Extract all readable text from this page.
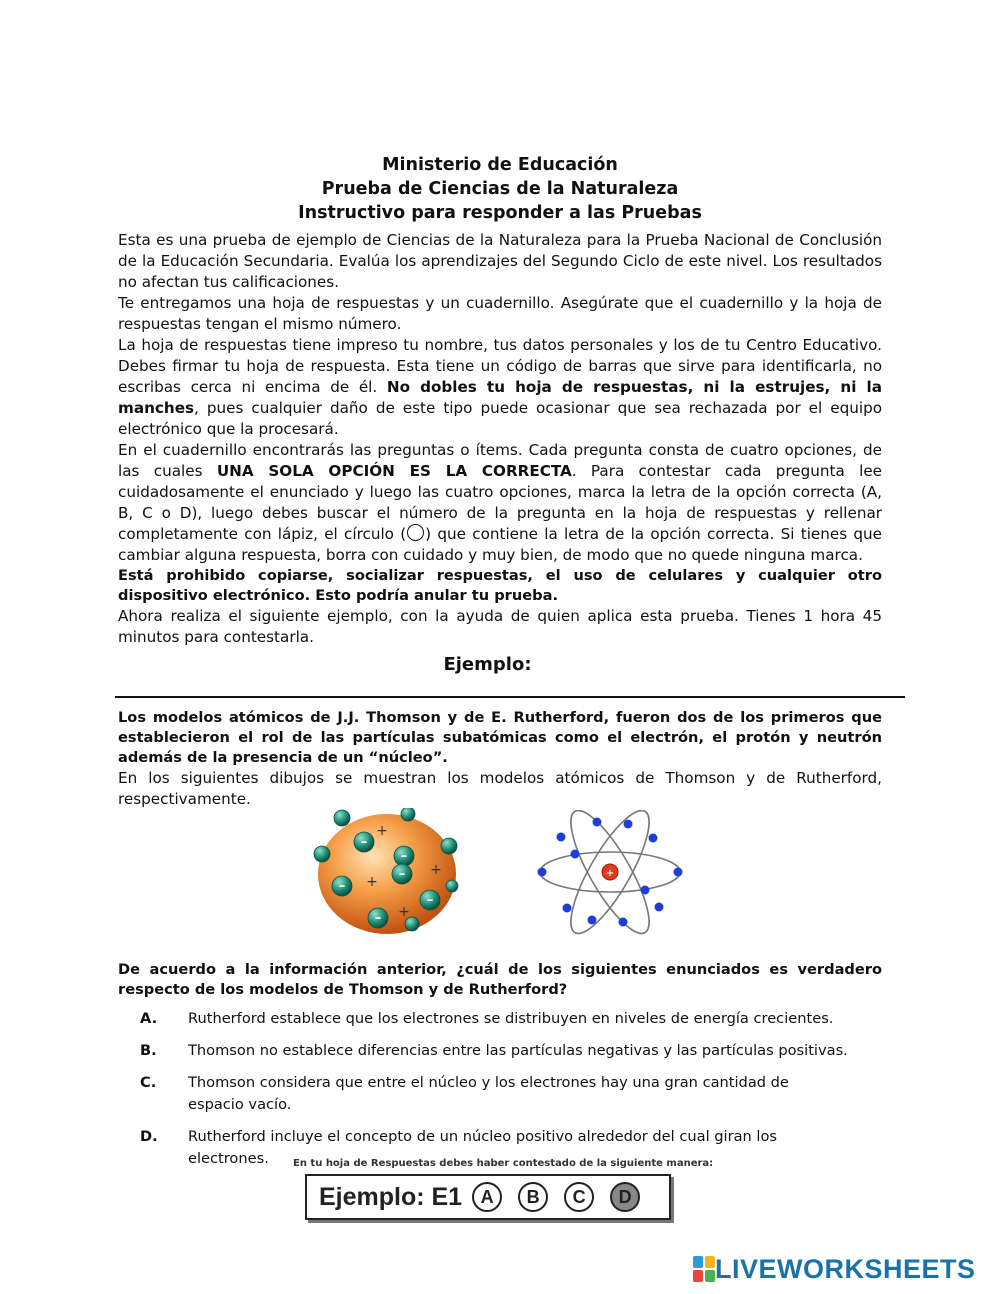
Ministerio de Educación
Prueba de Ciencias de la Naturaleza
Instructivo para responder a las Pruebas

Esta es una prueba de ejemplo de Ciencias de la Naturaleza para la Prueba Nacional de Conclusión de la Educación Secundaria. Evalúa los aprendizajes del Segundo Ciclo de este nivel. Los resultados no afectan tus calificaciones.

Te entregamos una hoja de respuestas y un cuadernillo. Asegúrate que el cuadernillo y la hoja de respuestas tengan el mismo número.

La hoja de respuestas tiene impreso tu nombre, tus datos personales y los de tu Centro Educativo. Debes firmar tu hoja de respuesta. Esta tiene un código de barras que sirve para identificarla, no escribas cerca ni encima de él. No dobles tu hoja de respuestas, ni la estrujes, ni la manches, pues cualquier daño de este tipo puede ocasionar que sea rechazada por el equipo electrónico que la procesará.

En el cuadernillo encontrarás las preguntas o ítems. Cada pregunta consta de cuatro opciones, de las cuales UNA SOLA OPCIÓN ES LA CORRECTA. Para contestar cada pregunta lee cuidadosamente el enunciado y luego las cuatro opciones, marca la letra de la opción correcta (A, B, C o D), luego debes buscar el número de la pregunta en la hoja de respuestas y rellenar completamente con lápiz, el círculo ( ) que contiene la letra de la opción correcta. Si tienes que cambiar alguna respuesta, borra con cuidado y muy bien, de modo que no quede ninguna marca.

Está prohibido copiarse, socializar respuestas, el uso de celulares y cualquier otro dispositivo electrónico. Esto podría anular tu prueba.

Ahora realiza el siguiente ejemplo, con la ayuda de quien aplica esta prueba. Tienes 1 hora 45 minutos para contestarla.

Ejemplo:
Los modelos atómicos de J.J. Thomson y de E. Rutherford, fueron dos de los primeros que establecieron el rol de las partículas subatómicas como el electrón, el protón y neutrón además de la presencia de un “núcleo”.
En los siguientes dibujos se muestran los modelos atómicos de Thomson y de Rutherford, respectivamente.
–
–
–
–
–
–
+
+
+
+
+
De acuerdo a la información anterior, ¿cuál de los siguientes enunciados es verdadero respecto de los modelos de Thomson y de Rutherford?
A.	Rutherford establece que los electrones se distribuyen en niveles de energía crecientes.
B.	Thomson no establece diferencias entre las partículas negativas y las partículas positivas.
C.	Thomson considera que entre el núcleo y los electrones hay una gran cantidad de espacio vacío.
D.	Rutherford incluye el concepto de un núcleo positivo alrededor del cual giran los electrones.	En tu hoja de Respuestas debes haber contestado de la siguiente manera:
Ejemplo: E1	A	B	C	D
LIVEWORKSHEETS
